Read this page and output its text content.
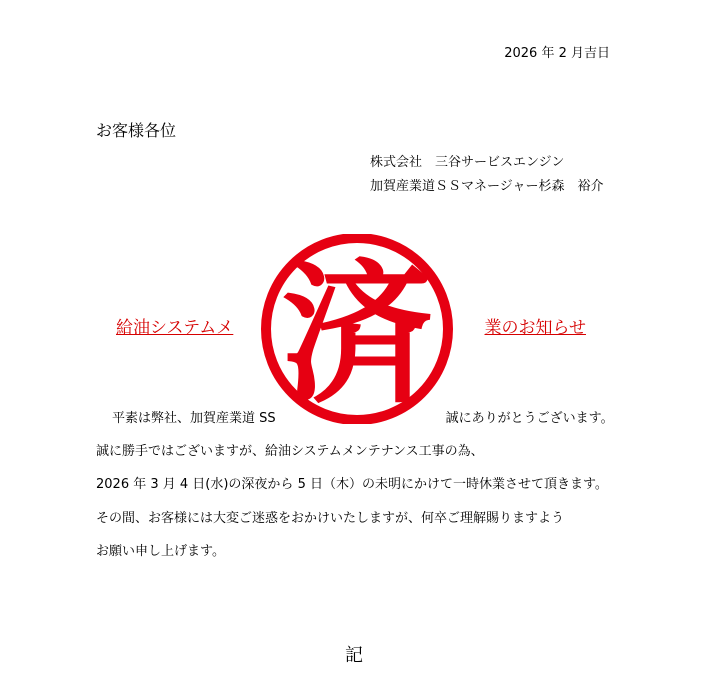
2026 年 2 月吉日
お客様各位
株式会社　三谷サービスエンジン
加賀産業道ＳＳマネージャー杉森　裕介
給油システムメ	業のお知らせ
平素は弊社、加賀産業道 SS	誠にありがとうございます。
誠に勝手ではございますが、給油システムメンテナンス工事の為、
2026 年 3 月 4 日(水)の深夜から 5 日（木）の未明にかけて一時休業させて頂きます。
その間、お客様には大変ご迷惑をおかけいたしますが、何卒ご理解賜りますよう
お願い申し上げます。
記
済
